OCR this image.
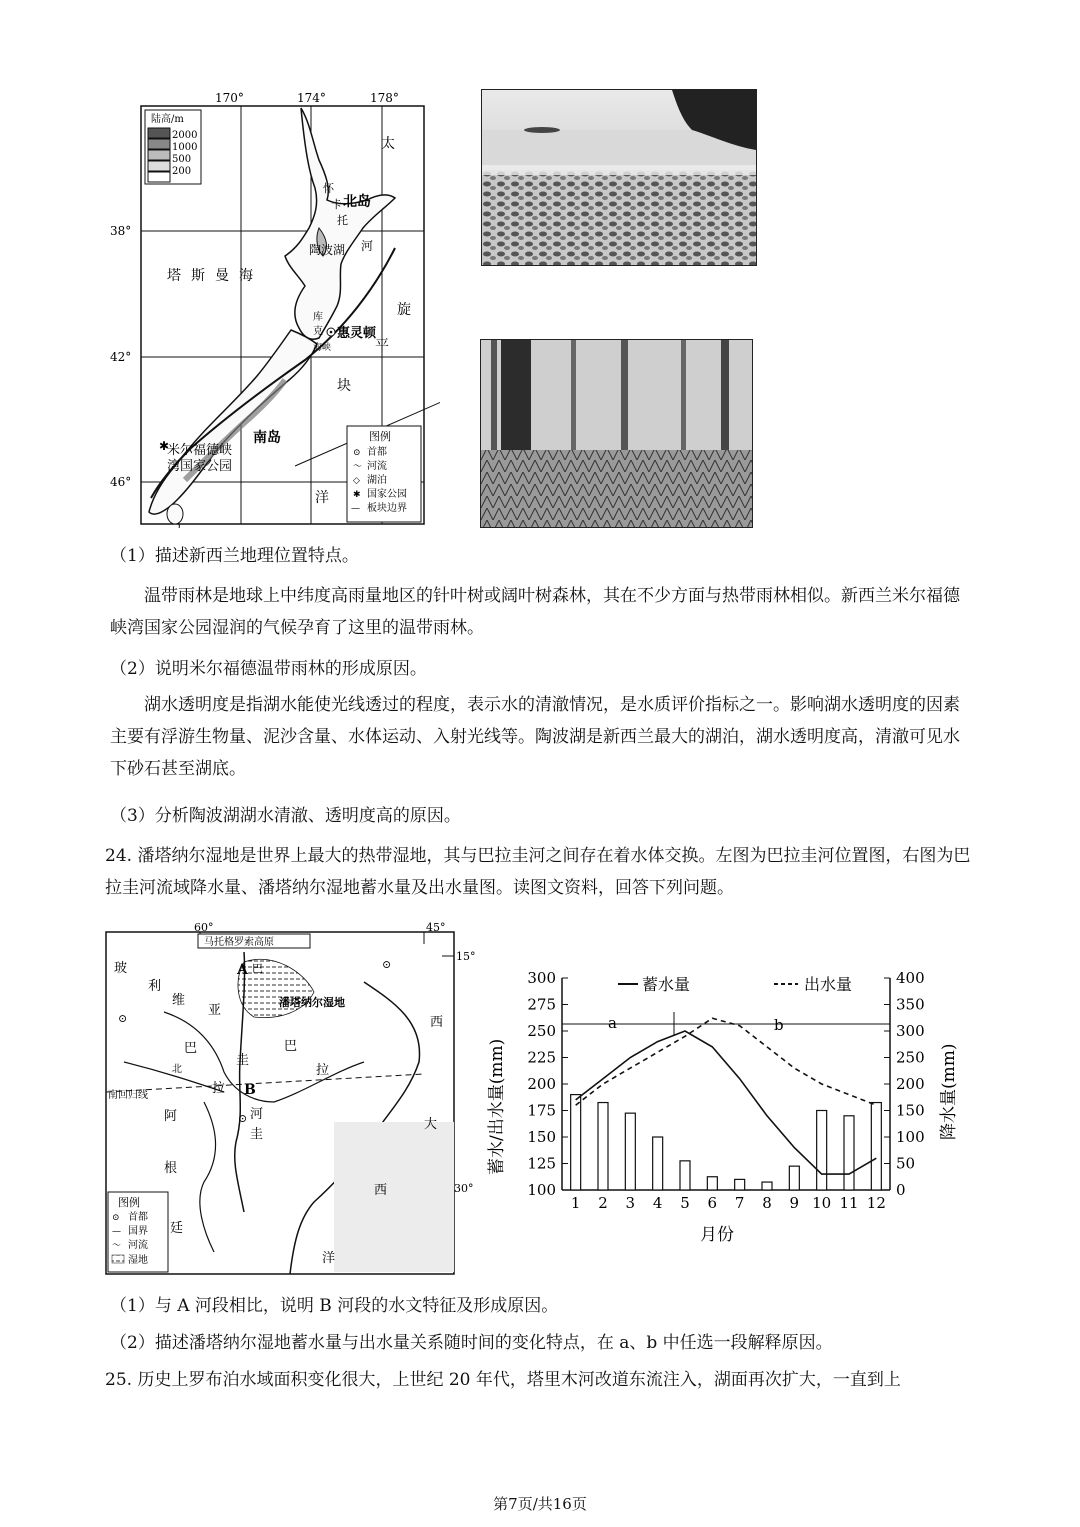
170°	174°	178°
38°
42°
46°
陆高/m
2000
1000
500
200
太
北岛
怀
卡
托
陶波湖 河
塔斯曼海
库
克
海峡
惠灵顿
旋
平
块
南岛
米尔福德峡
湾国家公园
洋
✱
图例
⊙
〜
◇
✱
—
首都
河流
湖泊
国家公园
板块边界
（1）描述新西兰地理位置特点。
温带雨林是地球上中纬度高雨量地区的针叶树或阔叶树森林，其在不少方面与热带雨林相似。新西兰米尔福德峡湾国家公园湿润的气候孕育了这里的温带雨林。
（2）说明米尔福德温带雨林的形成原因。
湖水透明度是指湖水能使光线透过的程度，表示水的清澈情况，是水质评价指标之一。影响湖水透明度的因素主要有浮游生物量、泥沙含量、水体运动、入射光线等。陶波湖是新西兰最大的湖泊，湖水透明度高，清澈可见水下砂石甚至湖底。
（3）分析陶波湖湖水清澈、透明度高的原因。
24. 潘塔纳尔湿地是世界上最大的热带湿地，其与巴拉圭河之间存在着水体交换。左图为巴拉圭河位置图，右图为巴拉圭河流域降水量、潘塔纳尔湿地蓄水量及出水量图。读图文资料，回答下列问题。
60°	45°
15°
30°
马托格罗索高原
玻
利
维
亚
⊙
⊙
⊙
A 巴
潘塔纳尔湿地
巴
圭
巴
西
拉
北
拉 B
南回归线
河
阿
圭
大
根
西
廷
洋
图例
⊙
—
〜
首都
国界
河流
湿地
100
125
150
175
200
225
250
275
300
0
50
100
150
200
250
300
350
400
1 2 3 4 5 6 7 8 9 10 11 12
蓄水/出水量(mm)	降水量(mm)
月份
蓄水量	出水量
a	b
（1）与 A 河段相比，说明 B 河段的水文特征及形成原因。
（2）描述潘塔纳尔湿地蓄水量与出水量关系随时间的变化特点，在 a、b 中任选一段解释原因。
25. 历史上罗布泊水域面积变化很大，上世纪 20 年代，塔里木河改道东流注入，湖面再次扩大，一直到上
第7页/共16页
